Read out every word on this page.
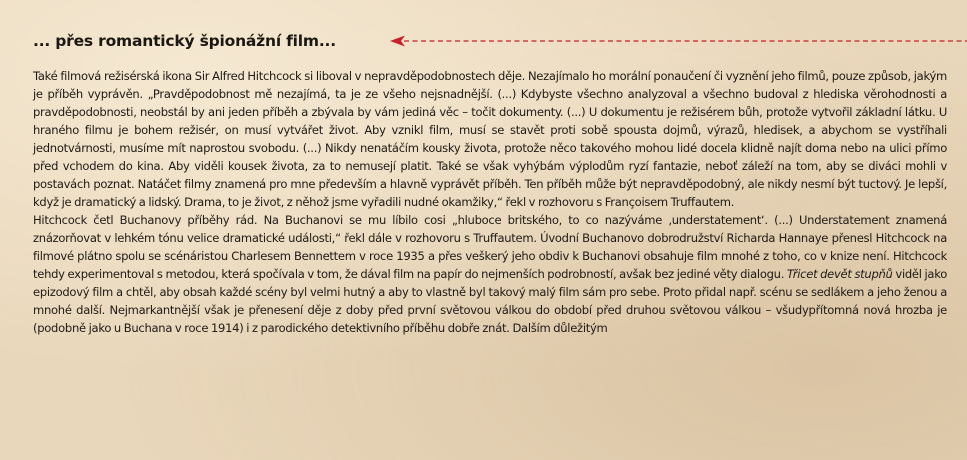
... přes romantický špionážní film...

Také filmová režisérská ikona Sir Alfred Hitchcock si liboval v nepravděpodobnostech děje. Nezajímalo ho morální ponaučení či vyznění jeho filmů, pouze způsob, jakým je příběh vyprávěn. „Pravděpodobnost mě nezajímá, ta je ze všeho nejsnadnější. (...) Kdybyste všechno analyzoval a všechno budoval z hlediska věrohodnosti a pravděpodobnosti, neobstál by ani jeden příběh a zbývala by vám jediná věc – točit dokumenty. (...) U dokumentu je režisérem bůh, protože vytvořil základní látku. U hraného filmu je bohem režisér, on musí vytvářet život. Aby vznikl film, musí se stavět proti sobě spousta dojmů, výrazů, hledisek, a abychom se vystříhali jednotvárnosti, musíme mít naprostou svobodu. (...) Nikdy nenatáčím kousky života, protože něco takového mohou lidé docela klidně najít doma nebo na ulici přímo před vchodem do kina. Aby viděli kousek života, za to nemusejí platit. Také se však vyhýbám výplodům ryzí fantazie, neboť záleží na tom, aby se diváci mohli v postavách poznat. Natáčet filmy znamená pro mne především a hlavně vyprávět příběh. Ten příběh může být nepravděpodobný, ale nikdy nesmí být tuctový. Je lepší, když je dramatický a lidský. Drama, to je život, z něhož jsme vyřadili nudné okamžiky,“ řekl v rozhovoru s Françoisem Truffautem.

Hitchcock četl Buchanovy příběhy rád. Na Buchanovi se mu líbilo cosi „hluboce britského, to co nazýváme ‚understatement‘. (...) Understatement znamená znázorňovat v lehkém tónu velice dramatické události,“ řekl dále v rozhovoru s Truffautem. Úvodní Buchanovo dobrodružství Richarda Hannaye přenesl Hitchcock na filmové plátno spolu se scénáristou Charlesem Bennettem v roce 1935 a přes veškerý jeho obdiv k Buchanovi obsahuje film mnohé z toho, co v knize není. Hitchcock tehdy experimentoval s metodou, která spočívala v tom, že dával film na papír do nejmenších podrobností, avšak bez jediné věty dialogu. Třicet devět stupňů viděl jako epizodový film a chtěl, aby obsah každé scény byl velmi hutný a aby to vlastně byl takový malý film sám pro sebe. Proto přidal např. scénu se sedlákem a jeho ženou a mnohé další. Nejmarkantnější však je přenesení děje z doby před první světovou válkou do období před druhou světovou válkou – všudypřítomná nová hrozba je (podobně jako u Buchana v roce 1914) i z parodického detektivního příběhu dobře znát. Dalším důležitým
